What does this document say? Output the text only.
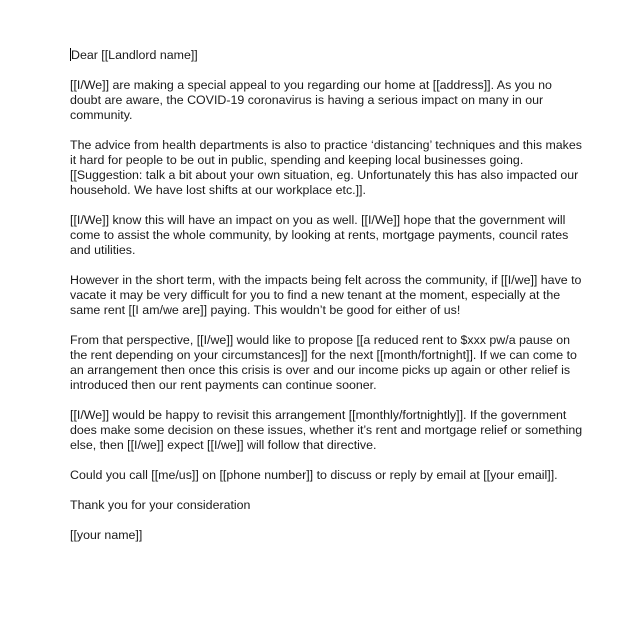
Dear [[Landlord name]]

[[I/We]] are making a special appeal to you regarding our home at [[address]]. As you no doubt are aware, the COVID-19 coronavirus is having a serious impact on many in our community.

The advice from health departments is also to practice ‘distancing’ techniques and this makes it hard for people to be out in public, spending and keeping local businesses going. [[Suggestion: talk a bit about your own situation, eg. Unfortunately this has also impacted our household. We have lost shifts at our workplace etc.]].

[[I/We]] know this will have an impact on you as well. [[I/We]] hope that the government will come to assist the whole community, by looking at rents, mortgage payments, council rates and utilities.

However in the short term, with the impacts being felt across the community, if [[I/we]] have to vacate it may be very difficult for you to find a new tenant at the moment, especially at the same rent [[I am/we are]] paying. This wouldn’t be good for either of us!

From that perspective, [[I/we]] would like to propose [[a reduced rent to $xxx pw/a pause on the rent depending on your circumstances]] for the next [[month/fortnight]]. If we can come to an arrangement then once this crisis is over and our income picks up again or other relief is introduced then our rent payments can continue sooner.

[[I/We]] would be happy to revisit this arrangement [[monthly/fortnightly]]. If the government does make some decision on these issues, whether it’s rent and mortgage relief or something else, then [[I/we]] expect [[I/we]] will follow that directive.

Could you call [[me/us]] on [[phone number]] to discuss or reply by email at [[your email]].

Thank you for your consideration

[[your name]]
